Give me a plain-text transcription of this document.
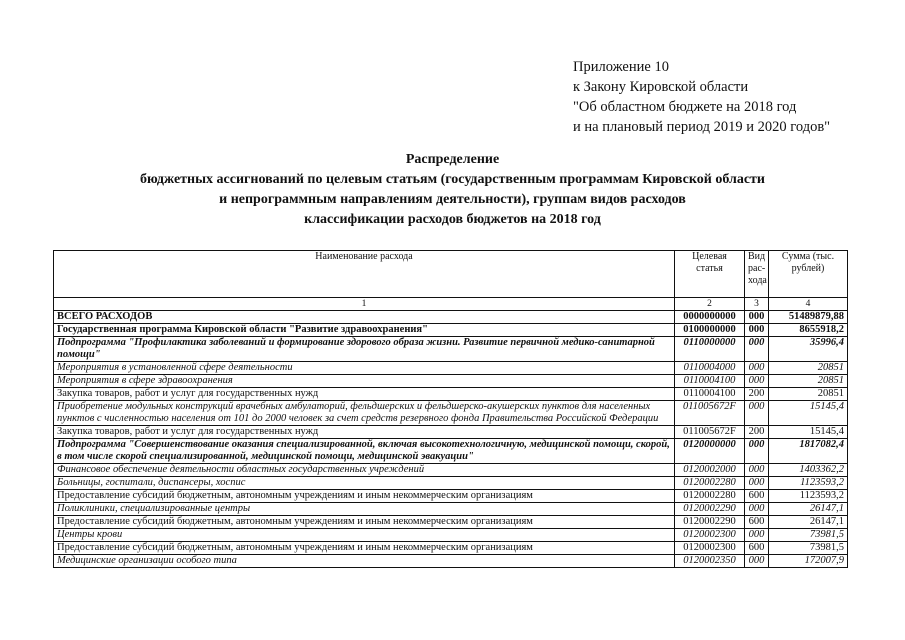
Приложение 10
к Закону Кировской области
"Об областном бюджете на 2018 год
и на плановый период 2019 и 2020 годов"
Распределение
бюджетных ассигнований по целевым статьям (государственным программам Кировской области
и непрограммным направлениям деятельности), группам видов расходов
классификации расходов бюджетов на 2018 год
Наименование расхода	Целевая статья	Вид рас-хода	Сумма (тыс. рублей)
1	2	3	4
ВСЕГО РАСХОДОВ	0000000000	000	51489879,88
Государственная программа Кировской области "Развитие здравоохранения"	0100000000	000	8655918,2
Подпрограмма "Профилактика заболеваний и формирование здорового образа жизни. Развитие первичной медико-санитарной помощи"	0110000000	000	35996,4
Мероприятия в установленной сфере деятельности	0110004000	000	20851
Мероприятия в сфере здравоохранения	0110004100	000	20851
Закупка товаров, работ и услуг для государственных нужд	0110004100	200	20851
Приобретение модульных конструкций врачебных амбулаторий, фельдшерских и фельдшерско-акушерских пунктов для населенных пунктов с численностью населения от 101 до 2000 человек за счет средств резервного фонда Правительства Российской Федерации	011005672F	000	15145,4
Закупка товаров, работ и услуг для государственных нужд	011005672F	200	15145,4
Подпрограмма "Совершенствование оказания специализированной, включая высокотехнологичную, медицинской помощи, скорой, в том числе скорой специализированной, медицинской помощи, медицинской эвакуации"	0120000000	000	1817082,4
Финансовое обеспечение деятельности областных государственных учреждений	0120002000	000	1403362,2
Больницы, госпитали, диспансеры, хоспис	0120002280	000	1123593,2
Предоставление субсидий бюджетным, автономным учреждениям и иным некоммерческим организациям	0120002280	600	1123593,2
Поликлиники, специализированные центры	0120002290	000	26147,1
Предоставление субсидий бюджетным, автономным учреждениям и иным некоммерческим организациям	0120002290	600	26147,1
Центры крови	0120002300	000	73981,5
Предоставление субсидий бюджетным, автономным учреждениям и иным некоммерческим организациям	0120002300	600	73981,5
Медицинские организации особого типа	0120002350	000	172007,9
